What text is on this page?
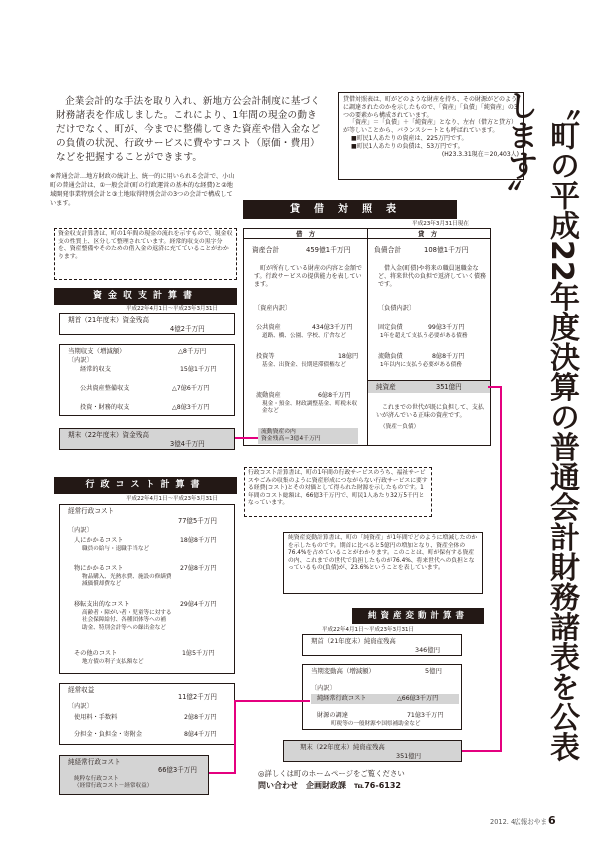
企業会計的な手法を取り入れ、新地方公会計制度に基づく財務諸表を作成しました。これにより、1年間の現金の動きだけでなく、町が、今までに整備してきた資産や借入金などの負債の状況、行政サービスに費やすコスト（原価・費用）などを把握することができます。
※普通会計…地方財政の統計上、統一的に用いられる会計で、小山町の普通会計は、①一般会計(町の行政運営の基本的な経費)と②地域開発事業特別会計と③土地取得特別会計の3つの会計で構成しています。
資金収支計算書は、町の1年間の現金の流れを示すもので、現金収支の性質上、区分して整理されています。経常的収支の黒字分を、資産整備やそのための借入金の返済に充てていることがわかります。
貸借対照表は、町がどのような財産を持ち、その財源がどのように調達されたのかを示したもので、「資産」「負債」「純資産」の3つの要素から構成されています。
「資産」＝「負債」＋「純資産」となり、左右（借方と貸方）が等しいことから、バランスシートとも呼ばれています。
■町民1人あたりの資産は、225万円です。
■町民1人あたりの負債は、53万円です。
(H23.3.31現在＝20,403人) 〝町の平成22年度決算の普通会計財務諸表を公表します〟
貸借対照表
平成23年3月31日現在
借　方	貸　方
資産合計	459億1千万円
町が所有している財産の内容と金額です。行政サービスの提供能力を表しています。
〔資産内訳〕
公共資産	434億3千万円
道路、橋、公園、学校、庁舎など
投資等	18億円
基金、出資金、長期延滞債権など
流動資産	6億8千万円
現金・預金、財政調整基金、町税未収金など
流動資産の内
資金残高＝3億4千万円
負債合計	108億1千万円
借入金(町債)や将来の職員退職金など、将来世代の負担で返済していく債務です。
〔負債内訳〕
固定負債	99億3千万円
1年を超えて支払う必要がある債務
流動負債	8億8千万円
1年以内に支払う必要がある債務
純資産	351億円
これまでの世代が既に負担して、支払いが済んでいる正味の資産です。
（資産－負債）
資金収支計算書
平成22年4月1日～平成23年3月31日
期首（21年度末）資金残高
4億2千万円
当期収支（増減額）	△8千万円
〔内訳〕
経常的収支	15億1千万円
公共資産整備収支	△7億6千万円
投資・財務的収支	△8億3千万円
期末（22年度末）資金残高
3億4千万円
行政コスト計算書は、町の1年間の行政サービスのうち、福祉サービスやごみの収集のように資産形成につながらない行政サービスに要する経費(コスト)とその対価として得られた財源を示したものです。1年間のコスト総額は、66億3千万円で、町民1人あたり32万5千円となっています。
行政コスト計算書
平成22年4月1日～平成23年3月31日
経常行政コスト
77億5千万円
〔内訳〕
人にかかるコスト	18億8千万円
職員の給与・退職手当など
物にかかるコスト	27億8千万円
物品購入、光熱水費、施設の修繕費
減価償却費など
移転支出的なコスト	29億4千万円
高齢者・障がい者・児童等に対する
社会保障給付、各種団体等への補
助金、特別会計等への繰出金など
その他のコスト	1億5千万円
地方債の利子支払額など
経常収益
11億2千万円
〔内訳〕
使用料・手数料	2億8千万円
分担金・負担金・寄附金	8億4千万円
純経常行政コスト
66億3千万円
純粋な行政コスト
（経常行政コスト－経常収益）
純資産変動計算書は、町の「純資産」が1年間でどのように増減したのかを示したものです。期首に比べると5億円の増加となり、資産全体の76.4%を占めていることがわかります。このことは、町が保有する資産の内、これまでの世代で負担したものが76.4%、将来世代への負担となっているもの(負債)が、23.6%ということを表しています。
純資産変動計算書
平成22年4月1日～平成23年3月31日
期首（21年度末）純資産残高
346億円
当期変動高（増減額）	5億円
〔内訳〕
純経常行政コスト	△66億3千万円
財源の調達	71億3千万円
町税等の一般財源や国県補助金など
期末（22年度末）純資産残高
351億円
◎詳しくは町のホームページをご覧ください
問い合わせ　企画財政課　℡76-6132
2012. 4.
広報おやま 6
